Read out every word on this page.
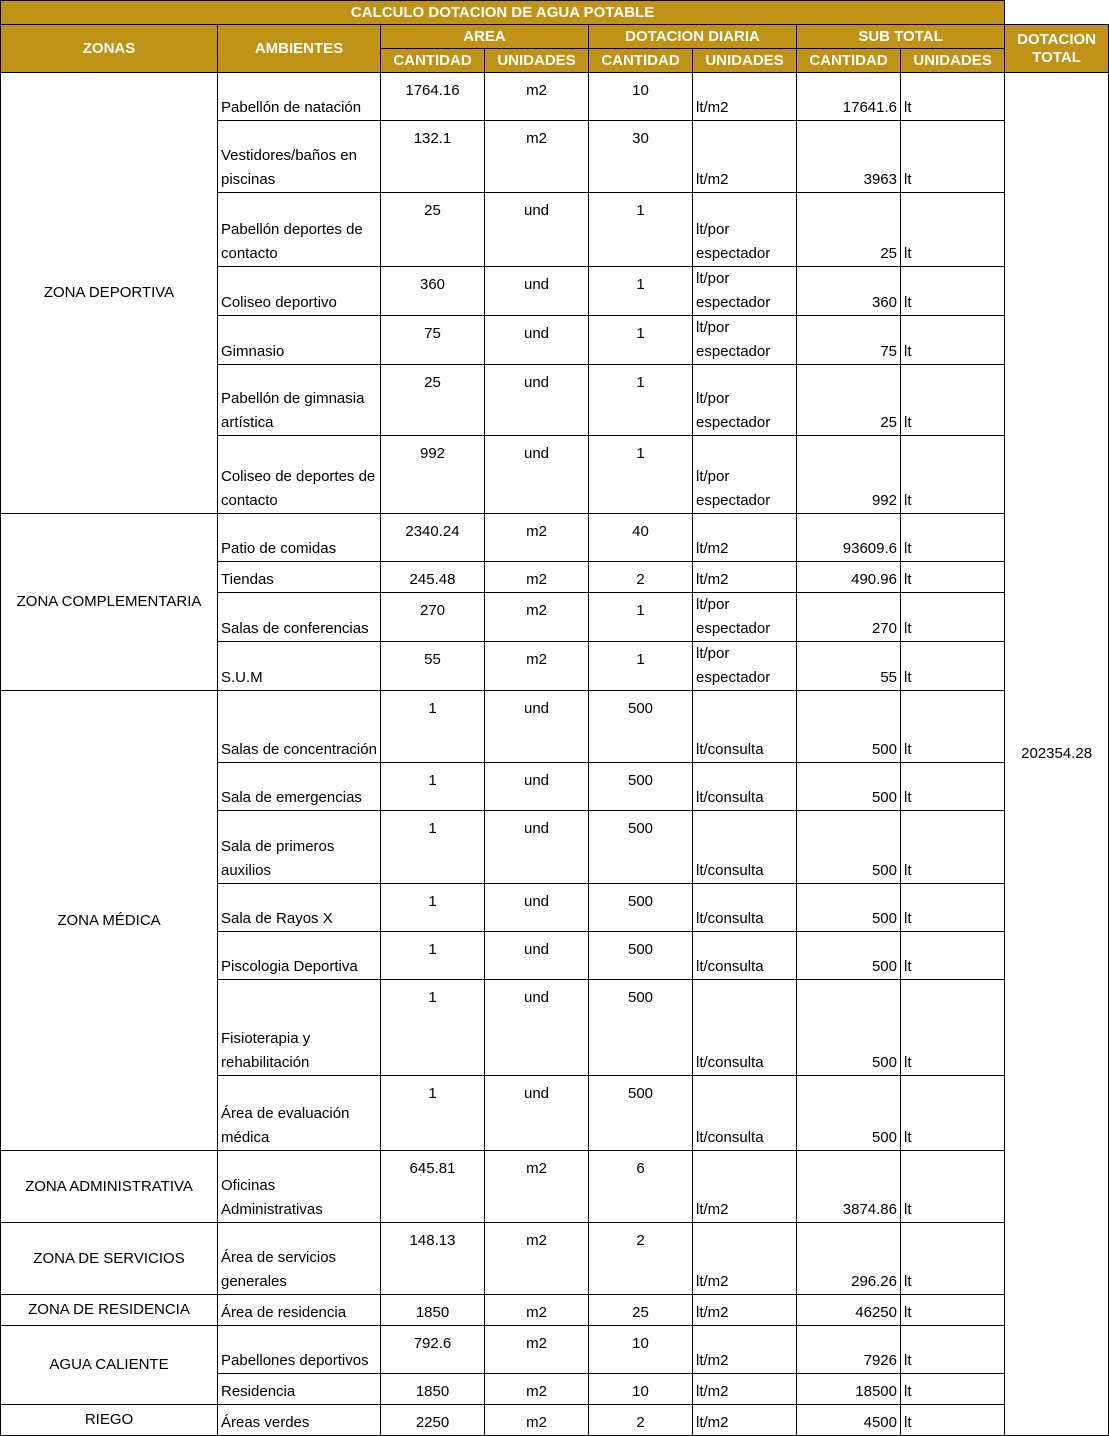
CALCULO DOTACION DE AGUA POTABLE								
ZONAS	AMBIENTES	AREA		DOTACION DIARIA		SUB TOTAL		DOTACION TOTAL
		CANTIDAD	UNIDADES	CANTIDAD	UNIDADES	CANTIDAD	UNIDADES	
ZONA DEPORTIVA	Pabellón de natación	1764.16	m2	10	lt/m2	17641.6	lt	202354.28
	Vestidores/baños en piscinas	132.1	m2	30	lt/m2	3963	lt	
	Pabellón deportes de contacto	25	und	1	lt/por espectador	25	lt	
	Coliseo deportivo	360	und	1	lt/por espectador	360	lt	
	Gimnasio	75	und	1	lt/por espectador	75	lt	
	Pabellón de gimnasia artística	25	und	1	lt/por espectador	25	lt	
	Coliseo de deportes de contacto	992	und	1	lt/por espectador	992	lt	
ZONA COMPLEMENTARIA	Patio de comidas	2340.24	m2	40	lt/m2	93609.6	lt	
	Tiendas	245.48	m2	2	lt/m2	490.96	lt	
	Salas de conferencias	270	m2	1	lt/por espectador	270	lt	
	S.U.M	55	m2	1	lt/por espectador	55	lt	
ZONA MÉDICA	Salas de concentración	1	und	500	lt/consulta	500	lt	
	Sala de emergencias	1	und	500	lt/consulta	500	lt	
	Sala de primeros auxilios	1	und	500	lt/consulta	500	lt	
	Sala de Rayos X	1	und	500	lt/consulta	500	lt	
	Piscologia Deportiva	1	und	500	lt/consulta	500	lt	
	Fisioterapia y rehabilitación	1	und	500	lt/consulta	500	lt	
	Área de evaluación médica	1	und	500	lt/consulta	500	lt	
ZONA ADMINISTRATIVA	Oficinas Administrativas	645.81	m2	6	lt/m2	3874.86	lt	
ZONA DE SERVICIOS	Área de servicios generales	148.13	m2	2	lt/m2	296.26	lt	
ZONA DE RESIDENCIA	Área de residencia	1850	m2	25	lt/m2	46250	lt	
AGUA CALIENTE	Pabellones deportivos	792.6	m2	10	lt/m2	7926	lt	
	Residencia	1850	m2	10	lt/m2	18500	lt	
RIEGO	Áreas verdes	2250	m2	2	lt/m2	4500	lt	
